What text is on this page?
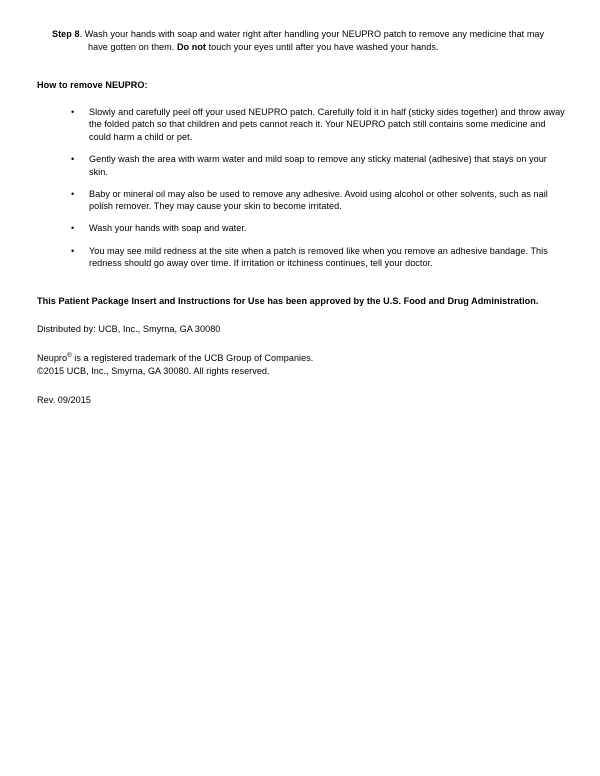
Step 8. Wash your hands with soap and water right after handling your NEUPRO patch to remove any medicine that may have gotten on them. Do not touch your eyes until after you have washed your hands.

How to remove NEUPRO:

• Slowly and carefully peel off your used NEUPRO patch. Carefully fold it in half (sticky sides together) and throw away the folded patch so that children and pets cannot reach it. Your NEUPRO patch still contains some medicine and could harm a child or pet.
• Gently wash the area with warm water and mild soap to remove any sticky material (adhesive) that stays on your skin.
• Baby or mineral oil may also be used to remove any adhesive. Avoid using alcohol or other solvents, such as nail polish remover. They may cause your skin to become irritated.
• Wash your hands with soap and water.
• You may see mild redness at the site when a patch is removed like when you remove an adhesive bandage. This redness should go away over time. If irritation or itchiness continues, tell your doctor.

This Patient Package Insert and Instructions for Use has been approved by the U.S. Food and Drug Administration.

Distributed by: UCB, Inc., Smyrna, GA 30080

Neupro® is a registered trademark of the UCB Group of Companies.
©2015 UCB, Inc., Smyrna, GA 30080. All rights reserved.

Rev. 09/2015
